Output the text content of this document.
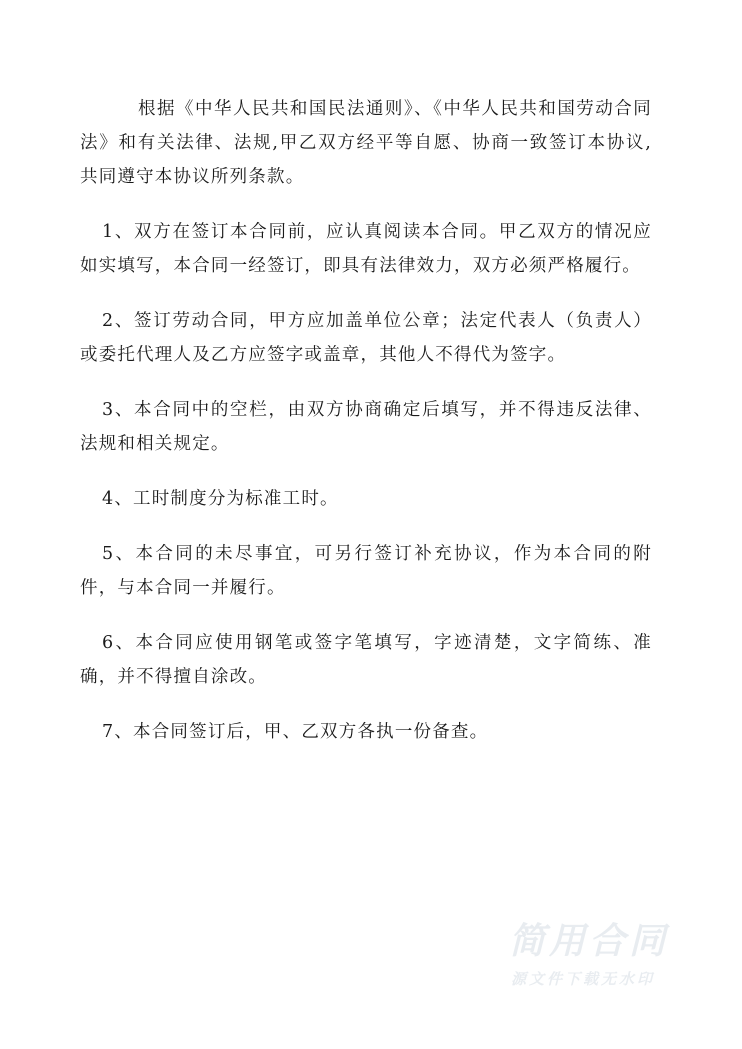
根据《中华人民共和国民法通则》、《中华人民共和国劳动合同法》和有关法律、法规,甲乙双方经平等自愿、协商一致签订本协议,共同遵守本协议所列条款。

1、双方在签订本合同前，应认真阅读本合同。甲乙双方的情况应如实填写，本合同一经签订，即具有法律效力，双方必须严格履行。

2、签订劳动合同，甲方应加盖单位公章；法定代表人（负责人）或委托代理人及乙方应签字或盖章，其他人不得代为签字。

3、本合同中的空栏，由双方协商确定后填写，并不得违反法律、法规和相关规定。

4、工时制度分为标准工时。

5、本合同的未尽事宜，可另行签订补充协议，作为本合同的附件，与本合同一并履行。

6、本合同应使用钢笔或签字笔填写，字迹清楚，文字简练、准确，并不得擅自涂改。

7、本合同签订后，甲、乙双方各执一份备查。

简用合同
源文件下载无水印
